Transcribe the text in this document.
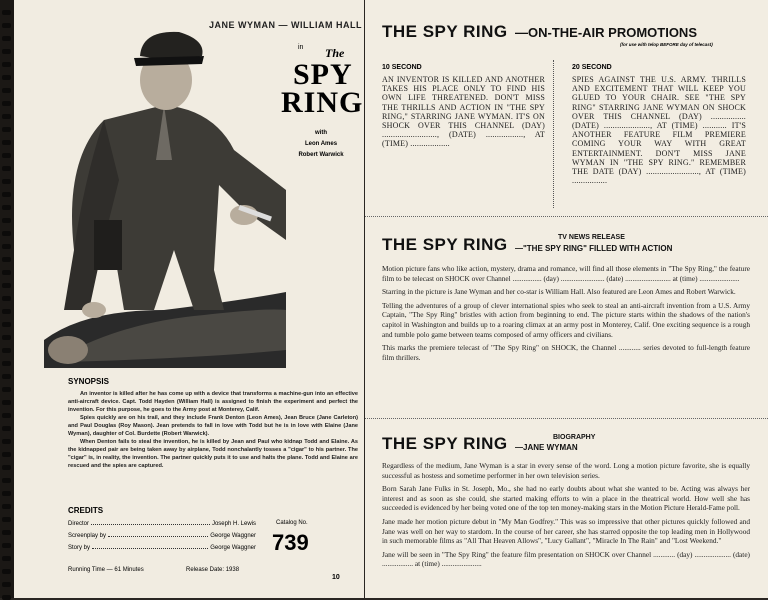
JANE WYMAN — WILLIAM HALL
in The
SPY
RING
with
Leon Ames
Robert Warwick
SYNOPSIS

An inventor is killed after he has come up with a device that transforms a machine-gun into an effective anti-aircraft device. Capt. Todd Hayden (William Hall) is assigned to finish the experiment and perfect the invention. For this purpose, he goes to the Army post at Monterey, Calif.

Spies quickly are on his trail, and they include Frank Denton (Leon Ames), Jean Bruce (Jane Carleton) and Paul Douglas (Roy Mason). Jean pretends to fall in love with Todd but he is in love with Elaine (Jane Wyman), daughter of Col. Burdette (Robert Warwick).

When Denton fails to steal the invention, he is killed by Jean and Paul who kidnap Todd and Elaine. As the kidnapped pair are being taken away by airplane, Todd nonchalantly tosses a "cigar" to his partner. The "cigar" is, in reality, the invention. The partner quickly puts it to use and halts the plane. Todd and Elaine are rescued and the spies are captured.

CREDITS
Director	Joseph H. Lewis
Screenplay by	George Waggner
Story by	George Waggner
Catalog No.
739
Running Time — 61 Minutes	Release Date: 1938
10
THE SPY RING —ON-THE-AIR PROMOTIONS
(for use with telop BEFORE day of telecast)
10 SECOND
AN INVENTOR IS KILLED AND ANOTHER TAKES HIS PLACE ONLY TO FIND HIS OWN LIFE THREATENED. DON'T MISS THE THRILLS AND ACTION IN "THE SPY RING," STARRING JANE WYMAN. IT'S ON SHOCK OVER THIS CHANNEL (DAY) ........................., (DATE) ................., AT (TIME) ..................
20 SECOND
SPIES AGAINST THE U.S. ARMY. THRILLS AND EXCITEMENT THAT WILL KEEP YOU GLUED TO YOUR CHAIR. SEE "THE SPY RING" STARRING JANE WYMAN ON SHOCK OVER THIS CHANNEL (DAY) ................ (DATE) ....................., AT (TIME) ........... IT'S ANOTHER FEATURE FILM PREMIERE COMING YOUR WAY WITH GREAT ENTERTAINMENT. DON'T MISS JANE WYMAN IN "THE SPY RING." REMEMBER THE DATE (DAY) ........................, AT (TIME) ................
TV NEWS RELEASE
THE SPY RING —"THE SPY RING" FILLED WITH ACTION

Motion picture fans who like action, mystery, drama and romance, will find all those elements in "The Spy Ring," the feature film to be telecast on SHOCK over Channel ................ (day) ........................ (date) ......................... at (time) ......................

Starring in the picture is Jane Wyman and her co-star is William Hall. Also featured are Leon Ames and Robert Warwick.

Telling the adventures of a group of clever international spies who seek to steal an anti-aircraft invention from a U.S. Army Captain, "The Spy Ring" bristles with action from beginning to end. The picture starts within the shadows of the nation's capitol in Washington and builds up to a roaring climax at an army post in Monterey, Calif. One exciting sequence is a rough and tumble polo game between teams composed of army officers and civilians.

This marks the premiere telecast of "The Spy Ring" on SHOCK, the Channel ............ series devoted to full-length feature film thrillers.

BIOGRAPHY
THE SPY RING —JANE WYMAN

Regardless of the medium, Jane Wyman is a star in every sense of the word. Long a motion picture favorite, she is equally successful as hostess and sometime performer in her own television series.

Born Sarah Jane Fulks in St. Joseph, Mo., she had no early doubts about what she wanted to be. Acting was always her interest and as soon as she could, she started making efforts to win a place in the theatrical world. How well she has succeeded is evidenced by her being voted one of the top ten money-making stars in the Motion Picture Herald-Fame poll.

Jane made her motion picture debut in "My Man Godfrey." This was so impressive that other pictures quickly followed and Jane was well on her way to stardom. In the course of her career, she has starred opposite the top leading men in Hollywood in such memorable films as "All That Heaven Allows", "Lucy Gallant", "Miracle In The Rain" and "Lost Weekend."

Jane will be seen in "The Spy Ring" the feature film presentation on SHOCK over Channel ............ (day) .................... (date) ................. at (time) ......................
